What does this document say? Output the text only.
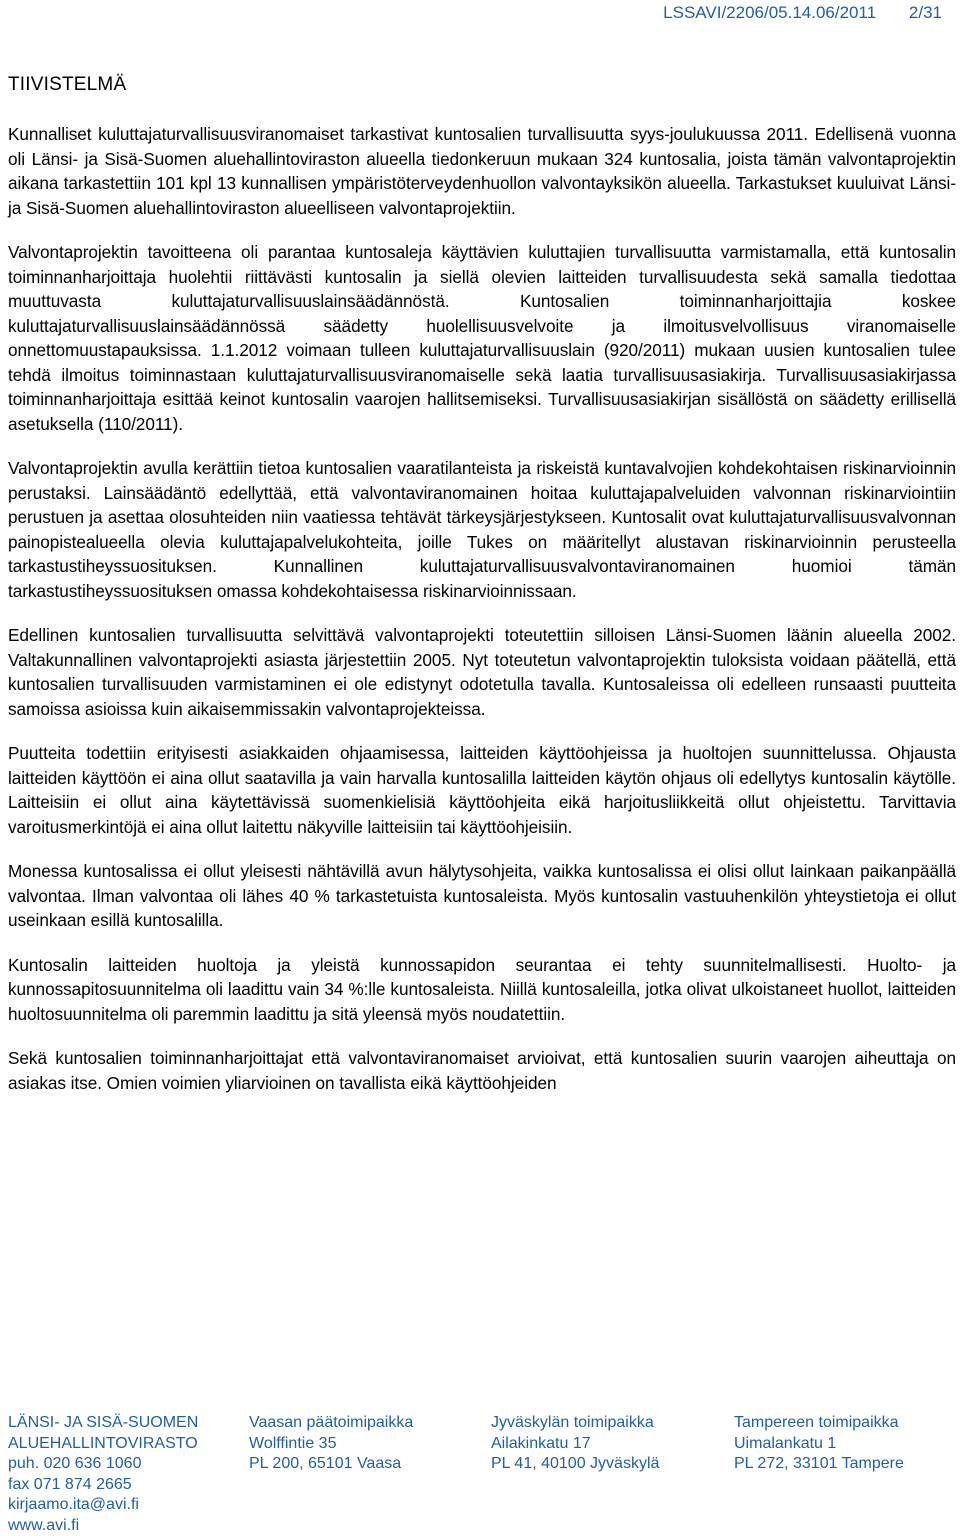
LSSAVI/2206/05.14.06/2011 2/31
TIIVISTELMÄ

Kunnalliset kuluttajaturvallisuusviranomaiset tarkastivat kuntosalien turvallisuutta syys-joulukuussa 2011. Edellisenä vuonna oli Länsi- ja Sisä-Suomen aluehallintoviraston alueella tiedonkeruun mukaan 324 kuntosalia, joista tämän valvontaprojektin aikana tarkastettiin 101 kpl 13 kunnallisen ympäristöterveydenhuollon valvontayksikön alueella. Tarkastukset kuuluivat Länsi- ja Sisä-Suomen aluehallintoviraston alueelliseen valvontaprojektiin.

Valvontaprojektin tavoitteena oli parantaa kuntosaleja käyttävien kuluttajien turvallisuutta varmistamalla, että kuntosalin toiminnanharjoittaja huolehtii riittävästi kuntosalin ja siellä olevien laitteiden turvallisuudesta sekä samalla tiedottaa muuttuvasta kuluttajaturvallisuuslainsäädännöstä. Kuntosalien toiminnanharjoittajia koskee kuluttajaturvallisuuslainsäädännössä säädetty huolellisuusvelvoite ja ilmoitusvelvollisuus viranomaiselle onnettomuustapauksissa. 1.1.2012 voimaan tulleen kuluttajaturvallisuuslain (920/2011) mukaan uusien kuntosalien tulee tehdä ilmoitus toiminnastaan kuluttajaturvallisuusviranomaiselle sekä laatia turvallisuusasiakirja. Turvallisuusasiakirjassa toiminnanharjoittaja esittää keinot kuntosalin vaarojen hallitsemiseksi. Turvallisuusasiakirjan sisällöstä on säädetty erillisellä asetuksella (110/2011).

Valvontaprojektin avulla kerättiin tietoa kuntosalien vaaratilanteista ja riskeistä kuntavalvojien kohdekohtaisen riskinarvioinnin perustaksi. Lainsäädäntö edellyttää, että valvontaviranomainen hoitaa kuluttajapalveluiden valvonnan riskinarviointiin perustuen ja asettaa olosuhteiden niin vaatiessa tehtävät tärkeysjärjestykseen. Kuntosalit ovat kuluttajaturvallisuusvalvonnan painopistealueella olevia kuluttajapalvelukohteita, joille Tukes on määritellyt alustavan riskinarvioinnin perusteella tarkastustiheyssuosituksen. Kunnallinen kuluttajaturvallisuusvalvontaviranomainen huomioi tämän tarkastustiheyssuosituksen omassa kohdekohtaisessa riskinarvioinnissaan.

Edellinen kuntosalien turvallisuutta selvittävä valvontaprojekti toteutettiin silloisen Länsi-Suomen läänin alueella 2002. Valtakunnallinen valvontaprojekti asiasta järjestettiin 2005. Nyt toteutetun valvontaprojektin tuloksista voidaan päätellä, että kuntosalien turvallisuuden varmistaminen ei ole edistynyt odotetulla tavalla. Kuntosaleissa oli edelleen runsaasti puutteita samoissa asioissa kuin aikaisemmissakin valvontaprojekteissa.

Puutteita todettiin erityisesti asiakkaiden ohjaamisessa, laitteiden käyttöohjeissa ja huoltojen suunnittelussa. Ohjausta laitteiden käyttöön ei aina ollut saatavilla ja vain harvalla kuntosalilla laitteiden käytön ohjaus oli edellytys kuntosalin käytölle. Laitteisiin ei ollut aina käytettävissä suomenkielisiä käyttöohjeita eikä harjoitusliikkeitä ollut ohjeistettu. Tarvittavia varoitusmerkintöjä ei aina ollut laitettu näkyville laitteisiin tai käyttöohjeisiin.

Monessa kuntosalissa ei ollut yleisesti nähtävillä avun hälytysohjeita, vaikka kuntosalissa ei olisi ollut lainkaan paikanpäällä valvontaa. Ilman valvontaa oli lähes 40 % tarkastetuista kuntosaleista. Myös kuntosalin vastuuhenkilön yhteystietoja ei ollut useinkaan esillä kuntosalilla.

Kuntosalin laitteiden huoltoja ja yleistä kunnossapidon seurantaa ei tehty suunnitelmallisesti. Huolto- ja kunnossapitosuunnitelma oli laadittu vain 34 %:lle kuntosaleista. Niillä kuntosaleilla, jotka olivat ulkoistaneet huollot, laitteiden huoltosuunnitelma oli paremmin laadittu ja sitä yleensä myös noudatettiin.

Sekä kuntosalien toiminnanharjoittajat että valvontaviranomaiset arvioivat, että kuntosalien suurin vaarojen aiheuttaja on asiakas itse. Omien voimien yliarvioinen on tavallista eikä käyttöohjeiden

LÄNSI- JA SISÄ-SUOMEN
ALUEHALLINTOVIRASTO
puh. 020 636 1060
fax 071 874 2665
kirjaamo.ita@avi.fi
www.avi.fi
Vaasan päätoimipaikka
Wolffintie 35
PL 200, 65101 Vaasa
Jyväskylän toimipaikka
Ailakinkatu 17
PL 41, 40100 Jyväskylä
Tampereen toimipaikka
Uimalankatu 1
PL 272, 33101 Tampere
